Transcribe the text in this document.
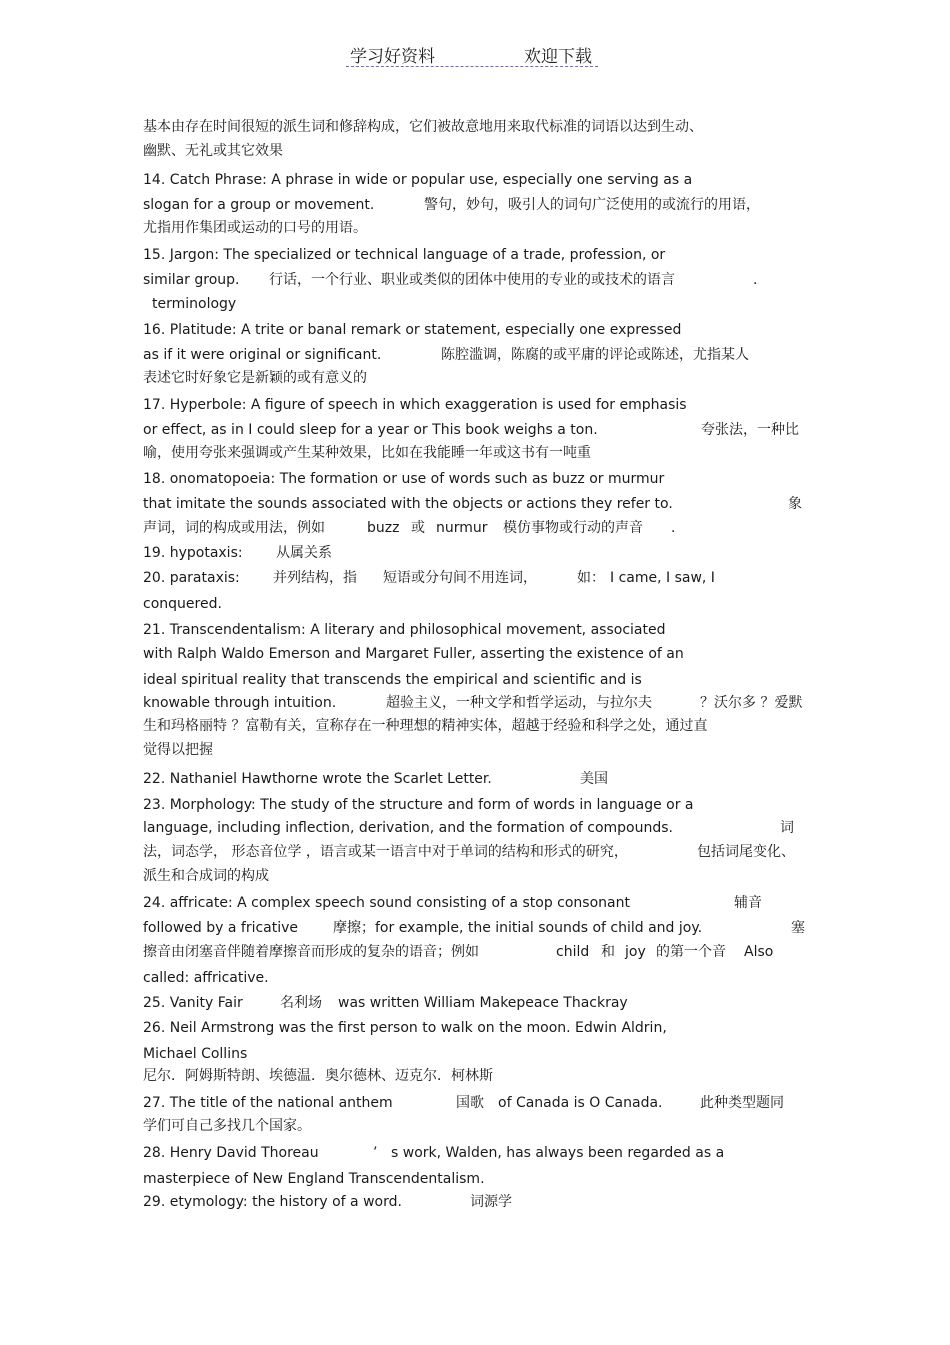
学习好资料	欢迎下载
基本由存在时间很短的派生词和修辞构成，它们被故意地用来取代标准的词语以达到生动、
幽默、无礼或其它效果
14. Catch Phrase: A phrase in wide or popular use, especially one serving as a
slogan for a group or movement.	警句，妙句，吸引人的词句广泛使用的或流行的用语，
尤指用作集团或运动的口号的用语。
15. Jargon: The specialized or technical language of a trade, profession, or
similar group. 行话，一个行业、职业或类似的团体中使用的专业的或技术的语言	.
terminology
16. Platitude: A trite or banal remark or statement, especially one expressed
as if it were original or significant.	陈腔滥调，陈腐的或平庸的评论或陈述，尤指某人
表述它时好象它是新颖的或有意义的
17. Hyperbole: A figure of speech in which exaggeration is used for emphasis
or effect, as in I could sleep for a year or This book weighs a ton.	夸张法，一种比
喻，使用夸张来强调或产生某种效果，比如在我能睡一年或这书有一吨重
18. onomatopoeia: The formation or use of words such as buzz or murmur
that imitate the sounds associated with the objects or actions they refer to.	象
声词，词的构成或用法，例如	buzz 或 nurmur 模仿事物或行动的声音 .
19. hypotaxis: 从属关系
20. parataxis: 并列结构，指 短语或分句间不用连词，	如： I came, I saw, I
conquered.
21. Transcendentalism: A literary and philosophical movement, associated
with Ralph Waldo Emerson and Margaret Fuller, asserting the existence of an
ideal spiritual reality that transcends the empirical and scientific and is
knowable through intuition.	超验主义，一种文学和哲学运动，与拉尔夫	？沃尔多 ？爱默
生和玛格丽特 ？富勒有关，宣称存在一种理想的精神实体，超越于经验和科学之处，通过直
觉得以把握
22. Nathaniel Hawthorne wrote the Scarlet Letter.	美国
23. Morphology: The study of the structure and form of words in language or a
language, including inflection, derivation, and the formation of compounds.	词
法，词态学， 形态音位学 ，语言或某一语言中对于单词的结构和形式的研究，	包括词尾变化、
派生和合成词的构成
24. affricate: A complex speech sound consisting of a stop consonant	辅音
followed by a fricative 摩擦；for example, the initial sounds of child and joy.	塞
擦音由闭塞音伴随着摩擦音而形成的复杂的语音；例如	child 和 joy 的第一个音 Also
called: affricative.
25. Vanity Fair	名利场 was written William Makepeace Thackray
26. Neil Armstrong was the first person to walk on the moon. Edwin Aldrin,
Michael Collins
尼尔．阿姆斯特朗、埃德温．奥尔德林、迈克尔．柯林斯
27. The title of the national anthem	国歌 of Canada is O Canada.	此种类型题同
学们可自己多找几个国家。
28. Henry David Thoreau	’ s work, Walden, has always been regarded as a
masterpiece of New England Transcendentalism.
29. etymology: the history of a word.	词源学
